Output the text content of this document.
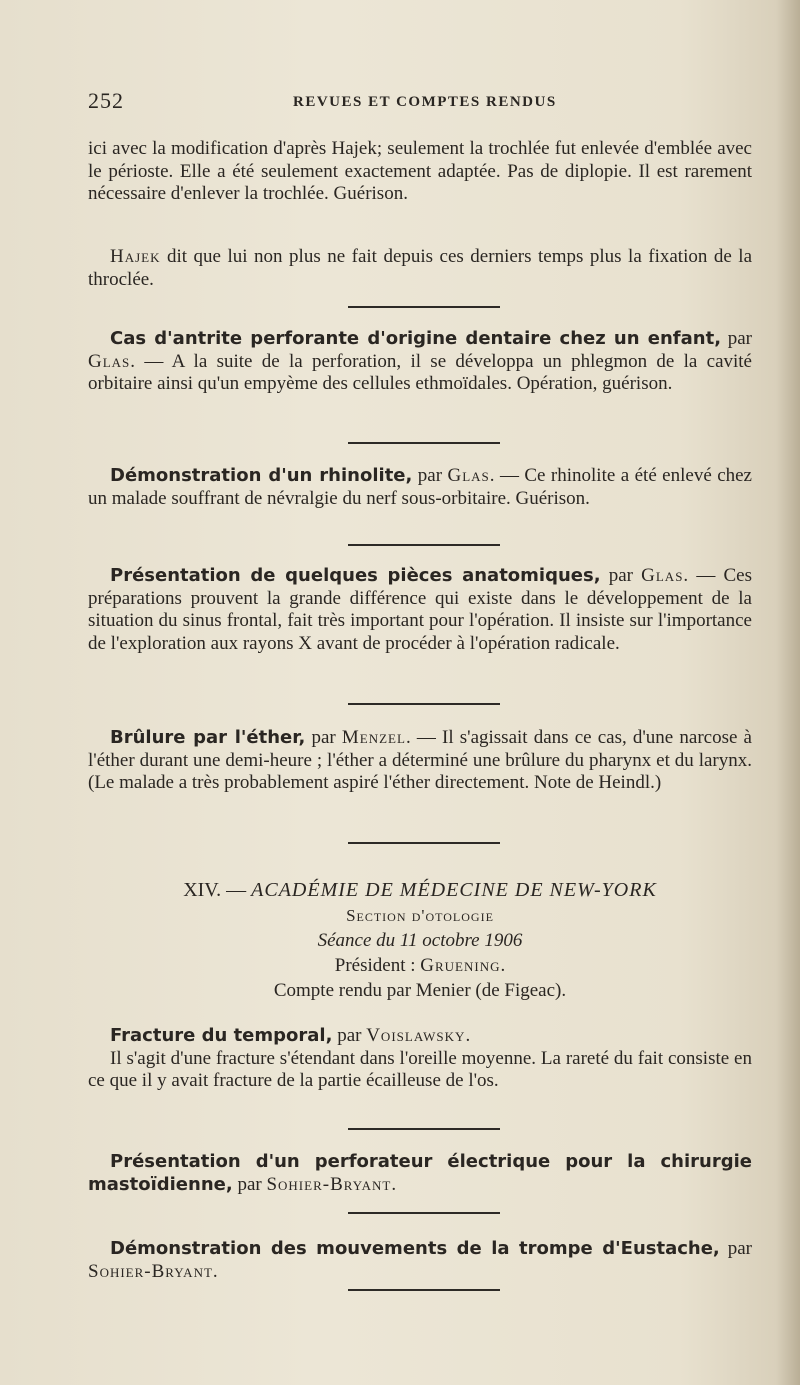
252	REVUES ET COMPTES RENDUS

ici avec la modification d'après Hajek; seulement la trochlée fut enlevée d'emblée avec le périoste. Elle a été seulement exactement adaptée. Pas de diplopie. Il est rarement nécessaire d'enlever la trochlée. Guérison.

Hajek dit que lui non plus ne fait depuis ces derniers temps plus la fixation de la throclée.

Cas d'antrite perforante d'origine dentaire chez un enfant, par Glas. — A la suite de la perforation, il se développa un phlegmon de la cavité orbitaire ainsi qu'un empyème des cellules ethmoïdales. Opération, guérison.

Démonstration d'un rhinolite, par Glas. — Ce rhinolite a été enlevé chez un malade souffrant de névralgie du nerf sous-orbitaire. Guérison.

Présentation de quelques pièces anatomiques, par Glas. — Ces préparations prouvent la grande différence qui existe dans le développement de la situation du sinus frontal, fait très important pour l'opération. Il insiste sur l'importance de l'exploration aux rayons X avant de procéder à l'opération radicale.

Brûlure par l'éther, par Menzel. — Il s'agissait dans ce cas, d'une narcose à l'éther durant une demi-heure ; l'éther a déterminé une brûlure du pharynx et du larynx. (Le malade a très probablement aspiré l'éther directement. Note de Heindl.)

XIV. — ACADÉMIE DE MÉDECINE DE NEW-YORK
Section d'otologie
Séance du 11 octobre 1906
Président : Gruening.
Compte rendu par Menier (de Figeac).

Fracture du temporal, par Voislawsky.

Il s'agit d'une fracture s'étendant dans l'oreille moyenne. La rareté du fait consiste en ce que il y avait fracture de la partie écailleuse de l'os.

Présentation d'un perforateur électrique pour la chirurgie mastoïdienne, par Sohier-Bryant.

Démonstration des mouvements de la trompe d'Eustache, par Sohier-Bryant.
